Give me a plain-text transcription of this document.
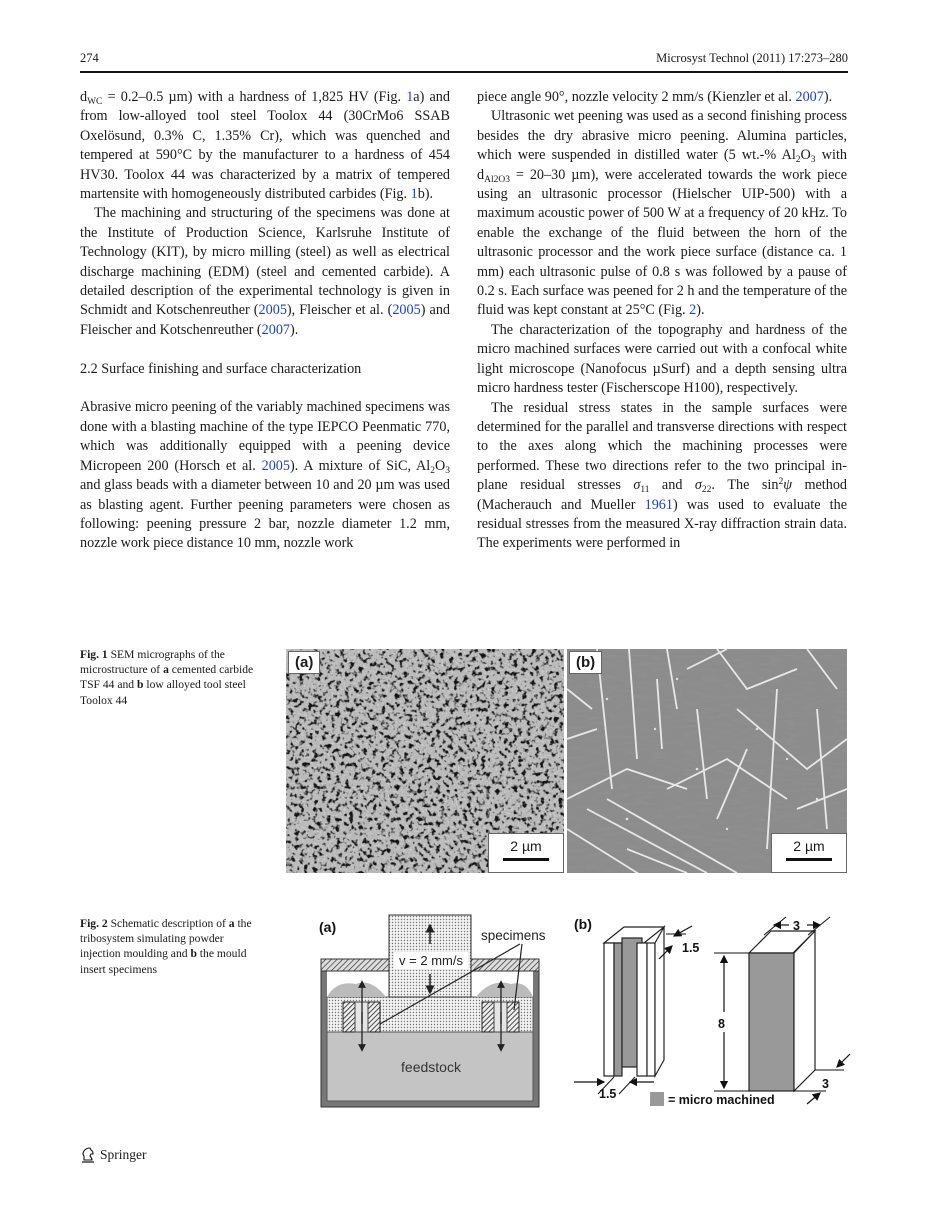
274	Microsyst Technol (2011) 17:273–280

$d_{WC} = 0.2-0.5$ µm) with a hardness of 1,825 HV (Fig. 1a) and from low-alloyed tool steel Toolox 44 (30CrMo6 SSAB Oxelösund, 0.3% C, 1.35% Cr), which was quenched and tempered at 590°C by the manufacturer to a hardness of 454 HV30. Toolox 44 was characterized by a matrix of tempered martensite with homogeneously distributed carbides (Fig. 1b).

The machining and structuring of the specimens was done at the Institute of Production Science, Karlsruhe Institute of Technology (KIT), by micro milling (steel) as well as electrical discharge machining (EDM) (steel and cemented carbide). A detailed description of the experimental technology is given in Schmidt and Kotschenreuther (2005), Fleischer et al. (2005) and Fleischer and Kotschenreuther (2007).

2.2 Surface finishing and surface characterization

Abrasive micro peening of the variably machined specimens was done with a blasting machine of the type IEPCO Peenmatic 770, which was additionally equipped with a peening device Micropeen 200 (Horsch et al. 2005). A mixture of SiC, $Al_2O_3$ and glass beads with a diameter between 10 and 20 µm was used as blasting agent. Further peening parameters were chosen as following: peening pressure 2 bar, nozzle diameter 1.2 mm, nozzle work piece distance 10 mm, nozzle work

piece angle 90°, nozzle velocity 2 mm/s (Kienzler et al. 2007).

Ultrasonic wet peening was used as a second finishing process besides the dry abrasive micro peening. Alumina particles, which were suspended in distilled water (5 wt.-% $Al_2O_3$ with $d_{Al2O3} = 20-30$ µm), were accelerated towards the work piece using an ultrasonic processor (Hielscher UIP-500) with a maximum acoustic power of 500 W at a frequency of 20 kHz. To enable the exchange of the fluid between the horn of the ultrasonic processor and the work piece surface (distance ca. 1 mm) each ultrasonic pulse of 0.8 s was followed by a pause of 0.2 s. Each surface was peened for 2 h and the temperature of the fluid was kept constant at 25°C (Fig. 2).

The characterization of the topography and hardness of the micro machined surfaces were carried out with a confocal white light microscope (Nanofocus µSurf) and a depth sensing ultra micro hardness tester (Fischerscope H100), respectively.

The residual stress states in the sample surfaces were determined for the parallel and transverse directions with respect to the axes along which the machining processes were performed. These two directions refer to the two principal in-plane residual stresses $\sigma_{11}$ and $\sigma_{22}$. The $\sin^2\psi$ method (Macherauch and Mueller 1961) was used to evaluate the residual stresses from the measured X-ray diffraction strain data. The experiments were performed in

Fig. 1 SEM micrographs of the microstructure of a cemented carbide TSF 44 and b low alloyed tool steel Toolox 44
(a)
2 µm
(b)
2 µm
Fig. 2 Schematic description of a the tribosystem simulating powder injection moulding and b the mould insert specimens
v = 2 mm/s
specimens
feedstock
(a)	(b)
1.5
1.5
3
8
3
= micro machined
Springer
